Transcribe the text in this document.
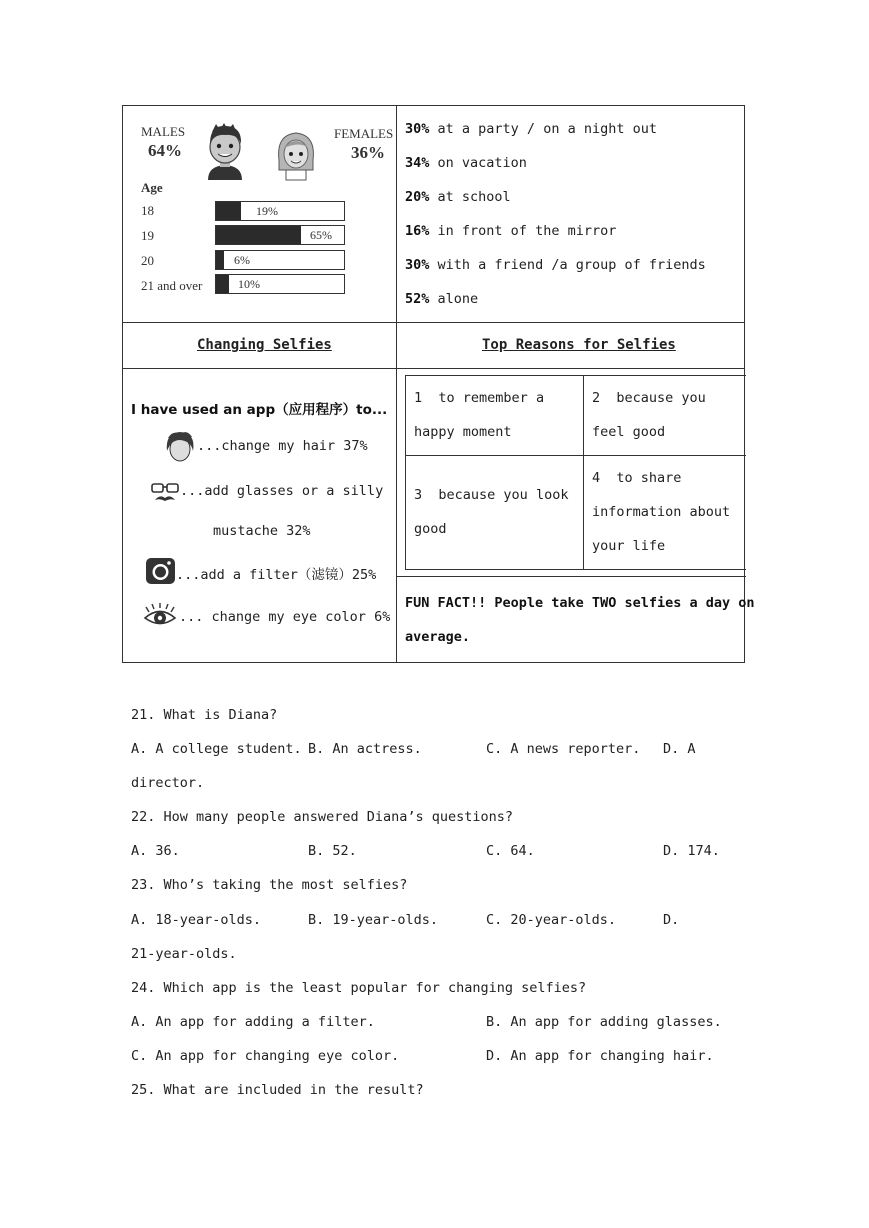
MALES
64%
FEMALES
36%
Age
18	19%
19	65%
20	6%
21 and over	10%
30% at a party / on a night out
34% on vacation
20% at school
16% in front of the mirror
30% with a friend /a group of friends
52% alone
Changing Selfies	Top Reasons for Selfies
I have used an app（应用程序）to...
...change my hair 37%
...add glasses or a silly
mustache 32%
...add a filter（滤镜）25%
... change my eye color 6%
1 to remember a happy moment
2 because you feel good
3 because you look good
4 to share information about your life
FUN FACT!! People take TWO selfies a day on
average.
21. What is Diana?
A. A college student. B. An actress.	C. A news reporter. D. A
director.
22. How many people answered Diana’s questions?
A. 36.	B. 52.	C. 64.	D. 174.
23. Who’s taking the most selfies?
A. 18-year-olds.	B. 19-year-olds.	C. 20-year-olds.	D.
21-year-olds.
24. Which app is the least popular for changing selfies?
A. An app for adding a filter.	B. An app for adding glasses.
C. An app for changing eye color.	D. An app for changing hair.
25. What are included in the result?
